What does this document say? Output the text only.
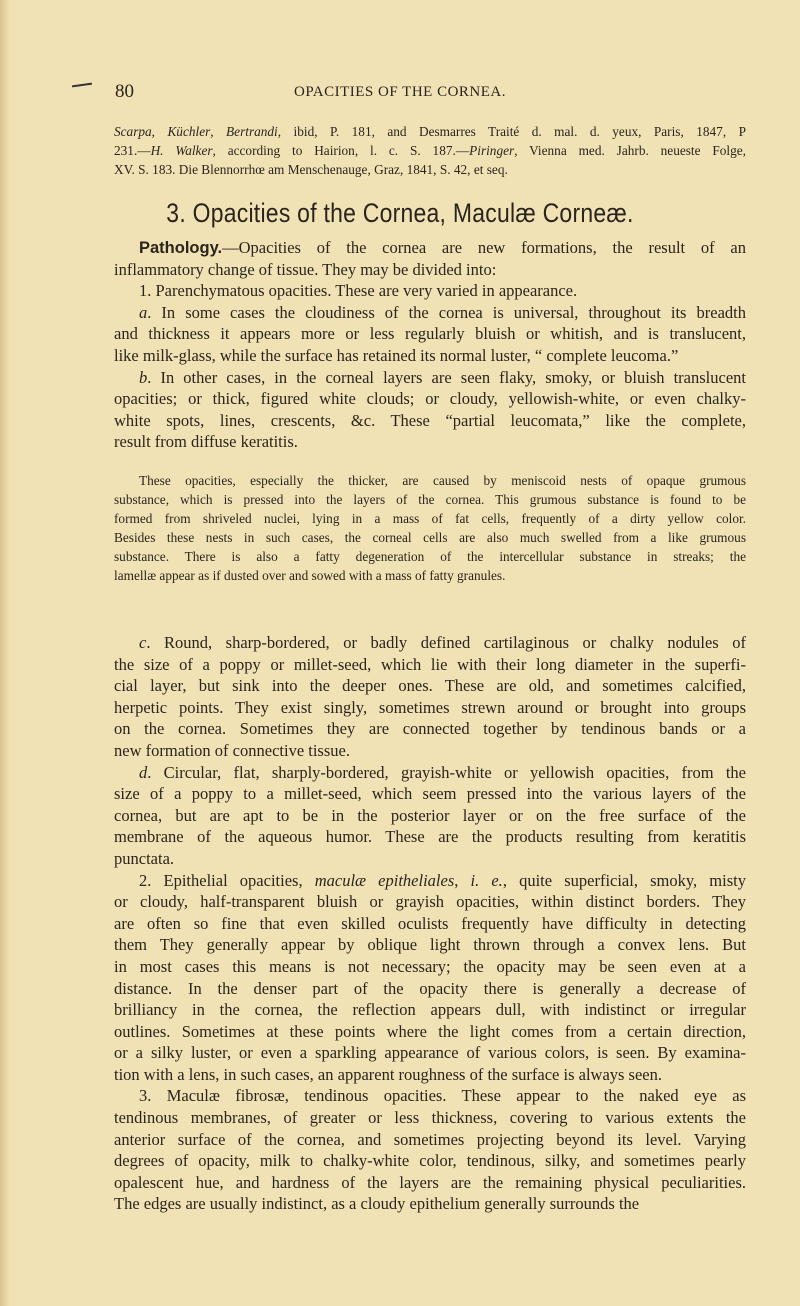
80	OPACITIES OF THE CORNEA.
Scarpa, Küchler, Bertrandi, ibid, P. 181, and Desmarres Traité d. mal. d. yeux, Paris, 1847, P
231.—H. Walker, according to Hairion, l. c. S. 187.—Piringer, Vienna med. Jahrb. neueste Folge,
XV. S. 183. Die Blennorrhœ am Menschenauge, Graz, 1841, S. 42, et seq.
3. Opacities of the Cornea, Maculæ Corneæ.
Pathology.—Opacities of the cornea are new formations, the result of an
inflammatory change of tissue. They may be divided into:
1. Parenchymatous opacities. These are very varied in appearance.
a. In some cases the cloudiness of the cornea is universal, throughout its breadth
and thickness it appears more or less regularly bluish or whitish, and is translucent,
like milk-glass, while the surface has retained its normal luster, “ complete leucoma.”
b. In other cases, in the corneal layers are seen flaky, smoky, or bluish translucent
opacities; or thick, figured white clouds; or cloudy, yellowish-white, or even chalky-
white spots, lines, crescents, &c. These “partial leucomata,” like the complete,
result from diffuse keratitis.
These opacities, especially the thicker, are caused by meniscoid nests of opaque grumous
substance, which is pressed into the layers of the cornea. This grumous substance is found to be
formed from shriveled nuclei, lying in a mass of fat cells, frequently of a dirty yellow color.
Besides these nests in such cases, the corneal cells are also much swelled from a like grumous
substance. There is also a fatty degeneration of the intercellular substance in streaks; the
lamellæ appear as if dusted over and sowed with a mass of fatty granules.
c. Round, sharp-bordered, or badly defined cartilaginous or chalky nodules of
the size of a poppy or millet-seed, which lie with their long diameter in the superfi-
cial layer, but sink into the deeper ones. These are old, and sometimes calcified,
herpetic points. They exist singly, sometimes strewn around or brought into groups
on the cornea. Sometimes they are connected together by tendinous bands or a
new formation of connective tissue.
d. Circular, flat, sharply-bordered, grayish-white or yellowish opacities, from the
size of a poppy to a millet-seed, which seem pressed into the various layers of the
cornea, but are apt to be in the posterior layer or on the free surface of the
membrane of the aqueous humor. These are the products resulting from keratitis
punctata.
2. Epithelial opacities, maculæ epitheliales, i. e., quite superficial, smoky, misty
or cloudy, half-transparent bluish or grayish opacities, within distinct borders. They
are often so fine that even skilled oculists frequently have difficulty in detecting
them They generally appear by oblique light thrown through a convex lens. But
in most cases this means is not necessary; the opacity may be seen even at a
distance. In the denser part of the opacity there is generally a decrease of
brilliancy in the cornea, the reflection appears dull, with indistinct or irregular
outlines. Sometimes at these points where the light comes from a certain direction,
or a silky luster, or even a sparkling appearance of various colors, is seen. By examina-
tion with a lens, in such cases, an apparent roughness of the surface is always seen.
3. Maculæ fibrosæ, tendinous opacities. These appear to the naked eye as
tendinous membranes, of greater or less thickness, covering to various extents the
anterior surface of the cornea, and sometimes projecting beyond its level. Varying
degrees of opacity, milk to chalky-white color, tendinous, silky, and sometimes pearly
opalescent hue, and hardness of the layers are the remaining physical peculiarities.
The edges are usually indistinct, as a cloudy epithelium generally surrounds the
